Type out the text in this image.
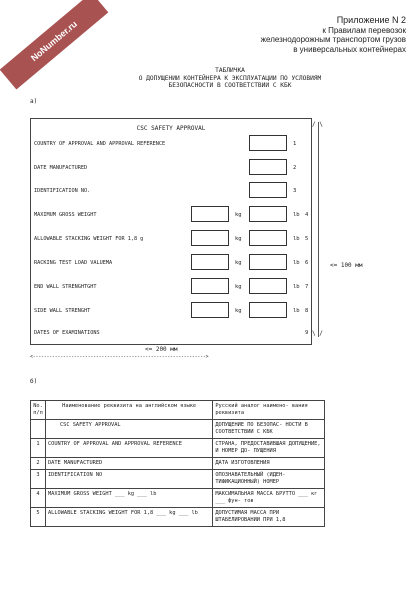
NoNumber.ru	Приложение N 2
к Правилам перевозок
железнодорожным транспортом грузов
в универсальных контейнерах
ТАБЛИЧКА
О ДОПУЩЕНИИ КОНТЕЙНЕРА К ЭКСПЛУАТАЦИИ ПО УСЛОВИЯМ
БЕЗОПАСНОСТИ В СООТВЕТСТВИИ С КБК
а)
CSC SAFETY APPROVAL
COUNTRY OF APPROVAL AND APPROVAL REFERENCE	1
DATE MANUFACTURED	2
IDENTIFICATION NO.	3
MAXIMUM GROSS WEIGHT	kg	lb 4
ALLOWABLE STACKING WEIGHT FOR 1,8 g	kg	lb 5
RACKING TEST LOAD VALUEMA	kg	lb 6
END WALL STRENGHTGHT	kg	lb 7
SIDE WALL STRENGHT	kg	lb 8
DATES OF EXAMINATIONS	9
/ \
\ /
<= 100 мм
<= 200 мм
<--------------------------------------------------------------->
б)
No. п/п	Наименование реквизита на английском языке	Русский аналог наимено- вания реквизита
	CSC SAFETY APPROVAL	ДОПУЩЕНИЕ ПО БЕЗОПАС- НОСТИ В СООТВЕТСТВИИ С КБК
1	COUNTRY OF APPROVAL AND APPROVAL REFERENCE	СТРАНА, ПРЕДОСТАВИВШАЯ ДОПУЩЕНИЕ, И НОМЕР ДО- ПУЩЕНИЯ
2	DATE MANUFACTURED	ДАТА ИЗГОТОВЛЕНИЯ
3	IDENTIFICATION NO	ОПОЗНАВАТЕЛЬНЫЙ (ИДЕН- ТИФИКАЦИОННЫЙ) НОМЕР
4	MAXIMUM GROSS WEIGHT ___ kg ___ lb	МАКСИМАЛЬНАЯ МАССА БРУТТО ___ кг ___ фун- тов
5	ALLOWABLE STACKING WEIGHT FOR 1,8 ___ kg ___ lb	ДОПУСТИМАЯ МАССА ПРИ ШТАБЕЛИРОВАНИИ ПРИ 1,8
